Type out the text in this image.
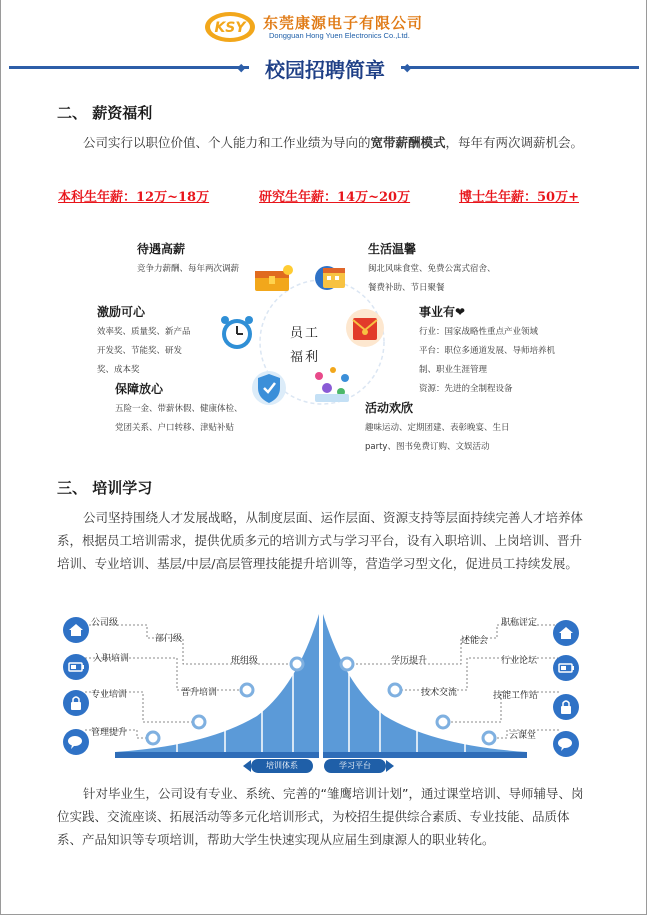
KSY 东莞康源电子有限公司
Dongguan Hong Yuen Electronics Co.,Ltd.
◆	◆
校园招聘简章
二、 薪资福利
公司实行以职位价值、个人能力和工作业绩为导向的宽带薪酬模式，每年有两次调薪机会。
本科生年薪：12万~18万	研究生年薪：14万~20万	博士生年薪：50万+
员工
福利
待遇高薪
竞争力薪酬、每年两次调薪
生活温馨
闽北风味食堂、免费公寓式宿舍、
餐费补助、节日聚餐
激励可心
效率奖、质量奖、新产品
开发奖、节能奖、研发
奖、成本奖
事业有❤
行业：国家战略性重点产业领域
平台：职位多通道发展、导师培养机
制、职业生涯管理
资源：先进的全制程设备
保障放心
五险一金、带薪休假、健康体检、
党团关系、户口转移、津贴补贴
活动欢欣
趣味运动、定期团建、表彰晚宴、生日
party、图书免费订购、文娱活动
三、 培训学习
公司坚持围绕人才发展战略，从制度层面、运作层面、资源支持等层面持续完善人才培养体系，根据员工培训需求，提供优质多元的培训方式与学习平台，设有入职培训、上岗培训、晋升培训、专业培训、基层/中层/高层管理技能提升培训等，营造学习型文化，促进员工持续发展。
公司级
部门级
班组级
入职培训
晋升培训
专业培训
管理提升
职称评定
述能会
学历提升	行业论坛
技术交流	技能工作站
云课堂
培训体系	学习平台
针对毕业生，公司设有专业、系统、完善的“雏鹰培训计划”，通过课堂培训、导师辅导、岗位实践、交流座谈、拓展活动等多元化培训形式，为校招生提供综合素质、专业技能、品质体系、产品知识等专项培训，帮助大学生快速实现从应届生到康源人的职业转化。
